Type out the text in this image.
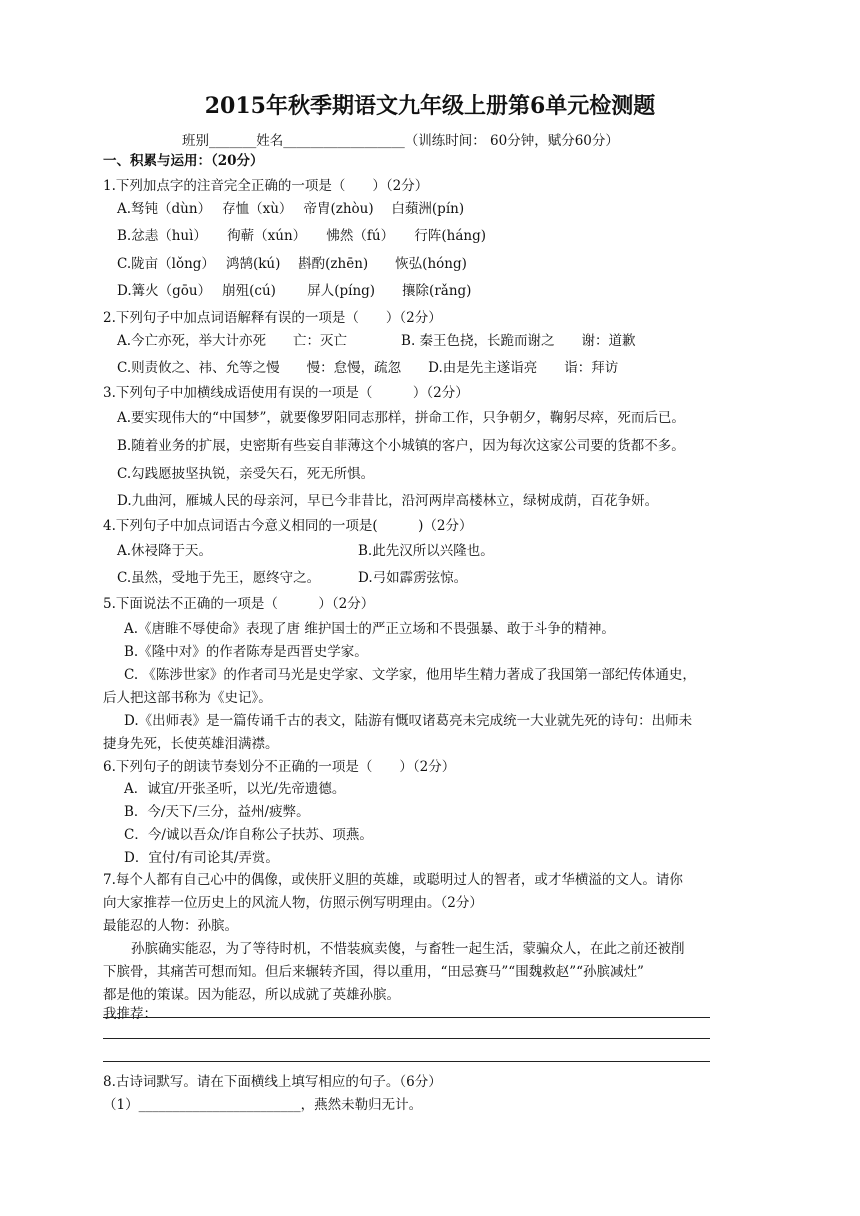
2015年秋季期语文九年级上册第6单元检测题
班别_______姓名__________________（训练时间： 60分钟，赋分60分）
一、积累与运用：（20分）
1.下列加点字的注音完全正确的一项是（　　）（2分）
A.驽钝（dùn）　 存恤（xù）　 帝胄(zhòu)　 白蘋洲(pín)
B.忿恚（huì）　　徇蕲（xún）　　怫然（fú）　　行阵(háng)
C.陇亩（lǒng）　 鸿鹄(kú)　 斟酌(zhēn)　　恢弘(hóng)
D.篝火（gōu）　 崩殂(cú)　　 屏人(píng)　　攘除(rǎng)
2.下列句子中加点词语解释有误的一项是（　　）（2分）
A.今亡亦死，举大计亦死　　亡：灭亡　　　　B. 秦王色挠，长跪而谢之　　谢：道歉
C.则责攸之、祎、允等之慢　　慢：怠慢，疏忽　　D.由是先主遂诣亮　　诣：拜访
3.下列句子中加横线成语使用有误的一项是（　　　）（2分）
A.要实现伟大的“中国梦”，就要像罗阳同志那样，拼命工作，只争朝夕，鞠躬尽瘁，死而后已。
B.随着业务的扩展，史密斯有些妄自菲薄这个小城镇的客户，因为每次这家公司要的货都不多。
C.勾践愿披坚执锐，亲受矢石，死无所惧。
D.九曲河，雁城人民的母亲河，早已今非昔比，沿河两岸高楼林立，绿树成荫，百花争妍。
4.下列句子中加点词语古今意义相同的一项是(　　　)（2分）
A.休祲降于天。	B.此先汉所以兴隆也。
C.虽然，受地于先王，愿终守之。	D.弓如霹雳弦惊。
5.下面说法不正确的一项是（　　　）（2分）
A.《唐睢不辱使命》表现了唐 维护国士的严正立场和不畏强暴、敢于斗争的精神。
B.《隆中对》的作者陈寿是西晋史学家。
C. 《陈涉世家》的作者司马光是史学家、文学家，他用毕生精力著成了我国第一部纪传体通史，
后人把这部书称为《史记》。
D.《出师表》是一篇传诵千古的表文，陆游有慨叹诸葛亮未完成统一大业就先死的诗句：出师未
捷身先死，长使英雄泪满襟。
6.下列句子的朗读节奏划分不正确的一项是（　　）（2分）
A．诚宜/开张圣听，以光/先帝遗德。
B．今/天下/三分，益州/疲弊。
C．今/诚以吾众/诈自称公子扶苏、项燕。
D．宜付/有司论其/弄赏。
7.每个人都有自己心中的偶像，或侠肝义胆的英雄，或聪明过人的智者，或才华横溢的文人。请你
向大家推荐一位历史上的风流人物，仿照示例写明理由。（2分）
最能忍的人物：孙膑。
孙膑确实能忍，为了等待时机，不惜装疯卖傻，与畜牲一起生活，蒙骗众人，在此之前还被削
下膑骨，其痛苦可想而知。但后来辗转齐国，得以重用，“田忌赛马”“围魏救赵”“孙膑减灶”
都是他的策谋。因为能忍，所以成就了英雄孙膑。
我推荐：
8.古诗词默写。请在下面横线上填写相应的句子。（6分）
（1）________________________，燕然未勒归无计。
